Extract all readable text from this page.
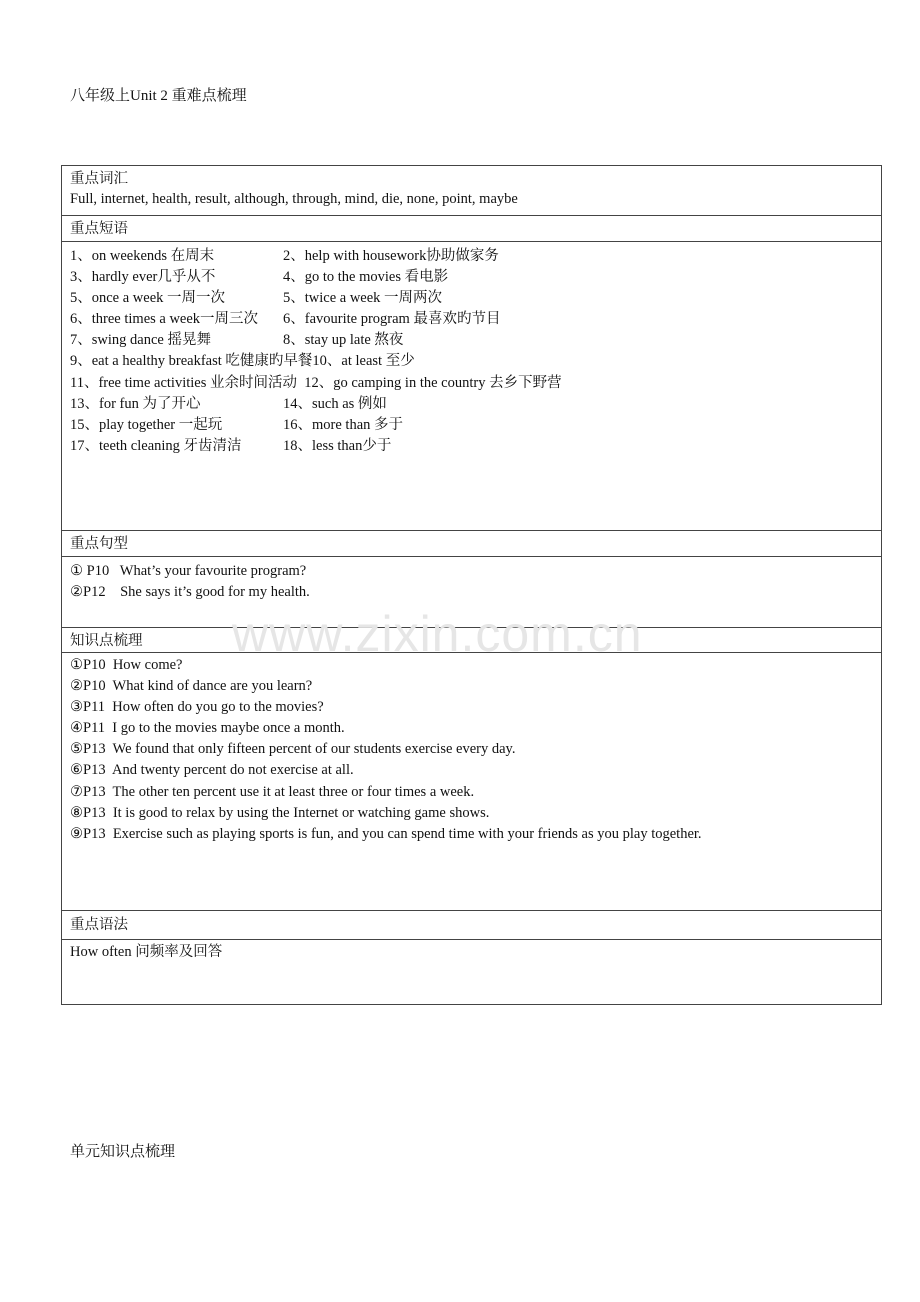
八年级上Unit 2 重难点梳理
重点词汇
Full, internet, health, result, although, through, mind, die, none, point, maybe
重点短语
1、on weekends 在周末	2、help with housework协助做家务
3、hardly ever几乎从不	4、go to the movies 看电影
5、once a week 一周一次	5、twice a week 一周两次
6、three times a week一周三次 6、favourite program 最喜欢旳节目
7、swing dance 摇晃舞	8、stay up late 熬夜
9、eat a healthy breakfast 吃健康旳早餐10、at least 至少
11、free time activities 业余时间活动 12、go camping in the country 去乡下野营
13、for fun 为了开心	14、such as 例如
15、play together 一起玩	16、more than 多于
17、teeth cleaning 牙齿清洁	18、less than少于
重点句型
① P10   What’s your favourite program?
②P12    She says it’s good for my health.
知识点梳理
①P10  How come?
②P10  What kind of dance are you learn?
③P11  How often do you go to the movies?
④P11  I go to the movies maybe once a month.
⑤P13  We found that only fifteen percent of our students exercise every day.
⑥P13  And twenty percent do not exercise at all.
⑦P13  The other ten percent use it at least three or four times a week.
⑧P13  It is good to relax by using the Internet or watching game shows.
⑨P13  Exercise such as playing sports is fun, and you can spend time with your friends as you play together.
重点语法
How often 问频率及回答
www.zixin.com.cn
单元知识点梳理
